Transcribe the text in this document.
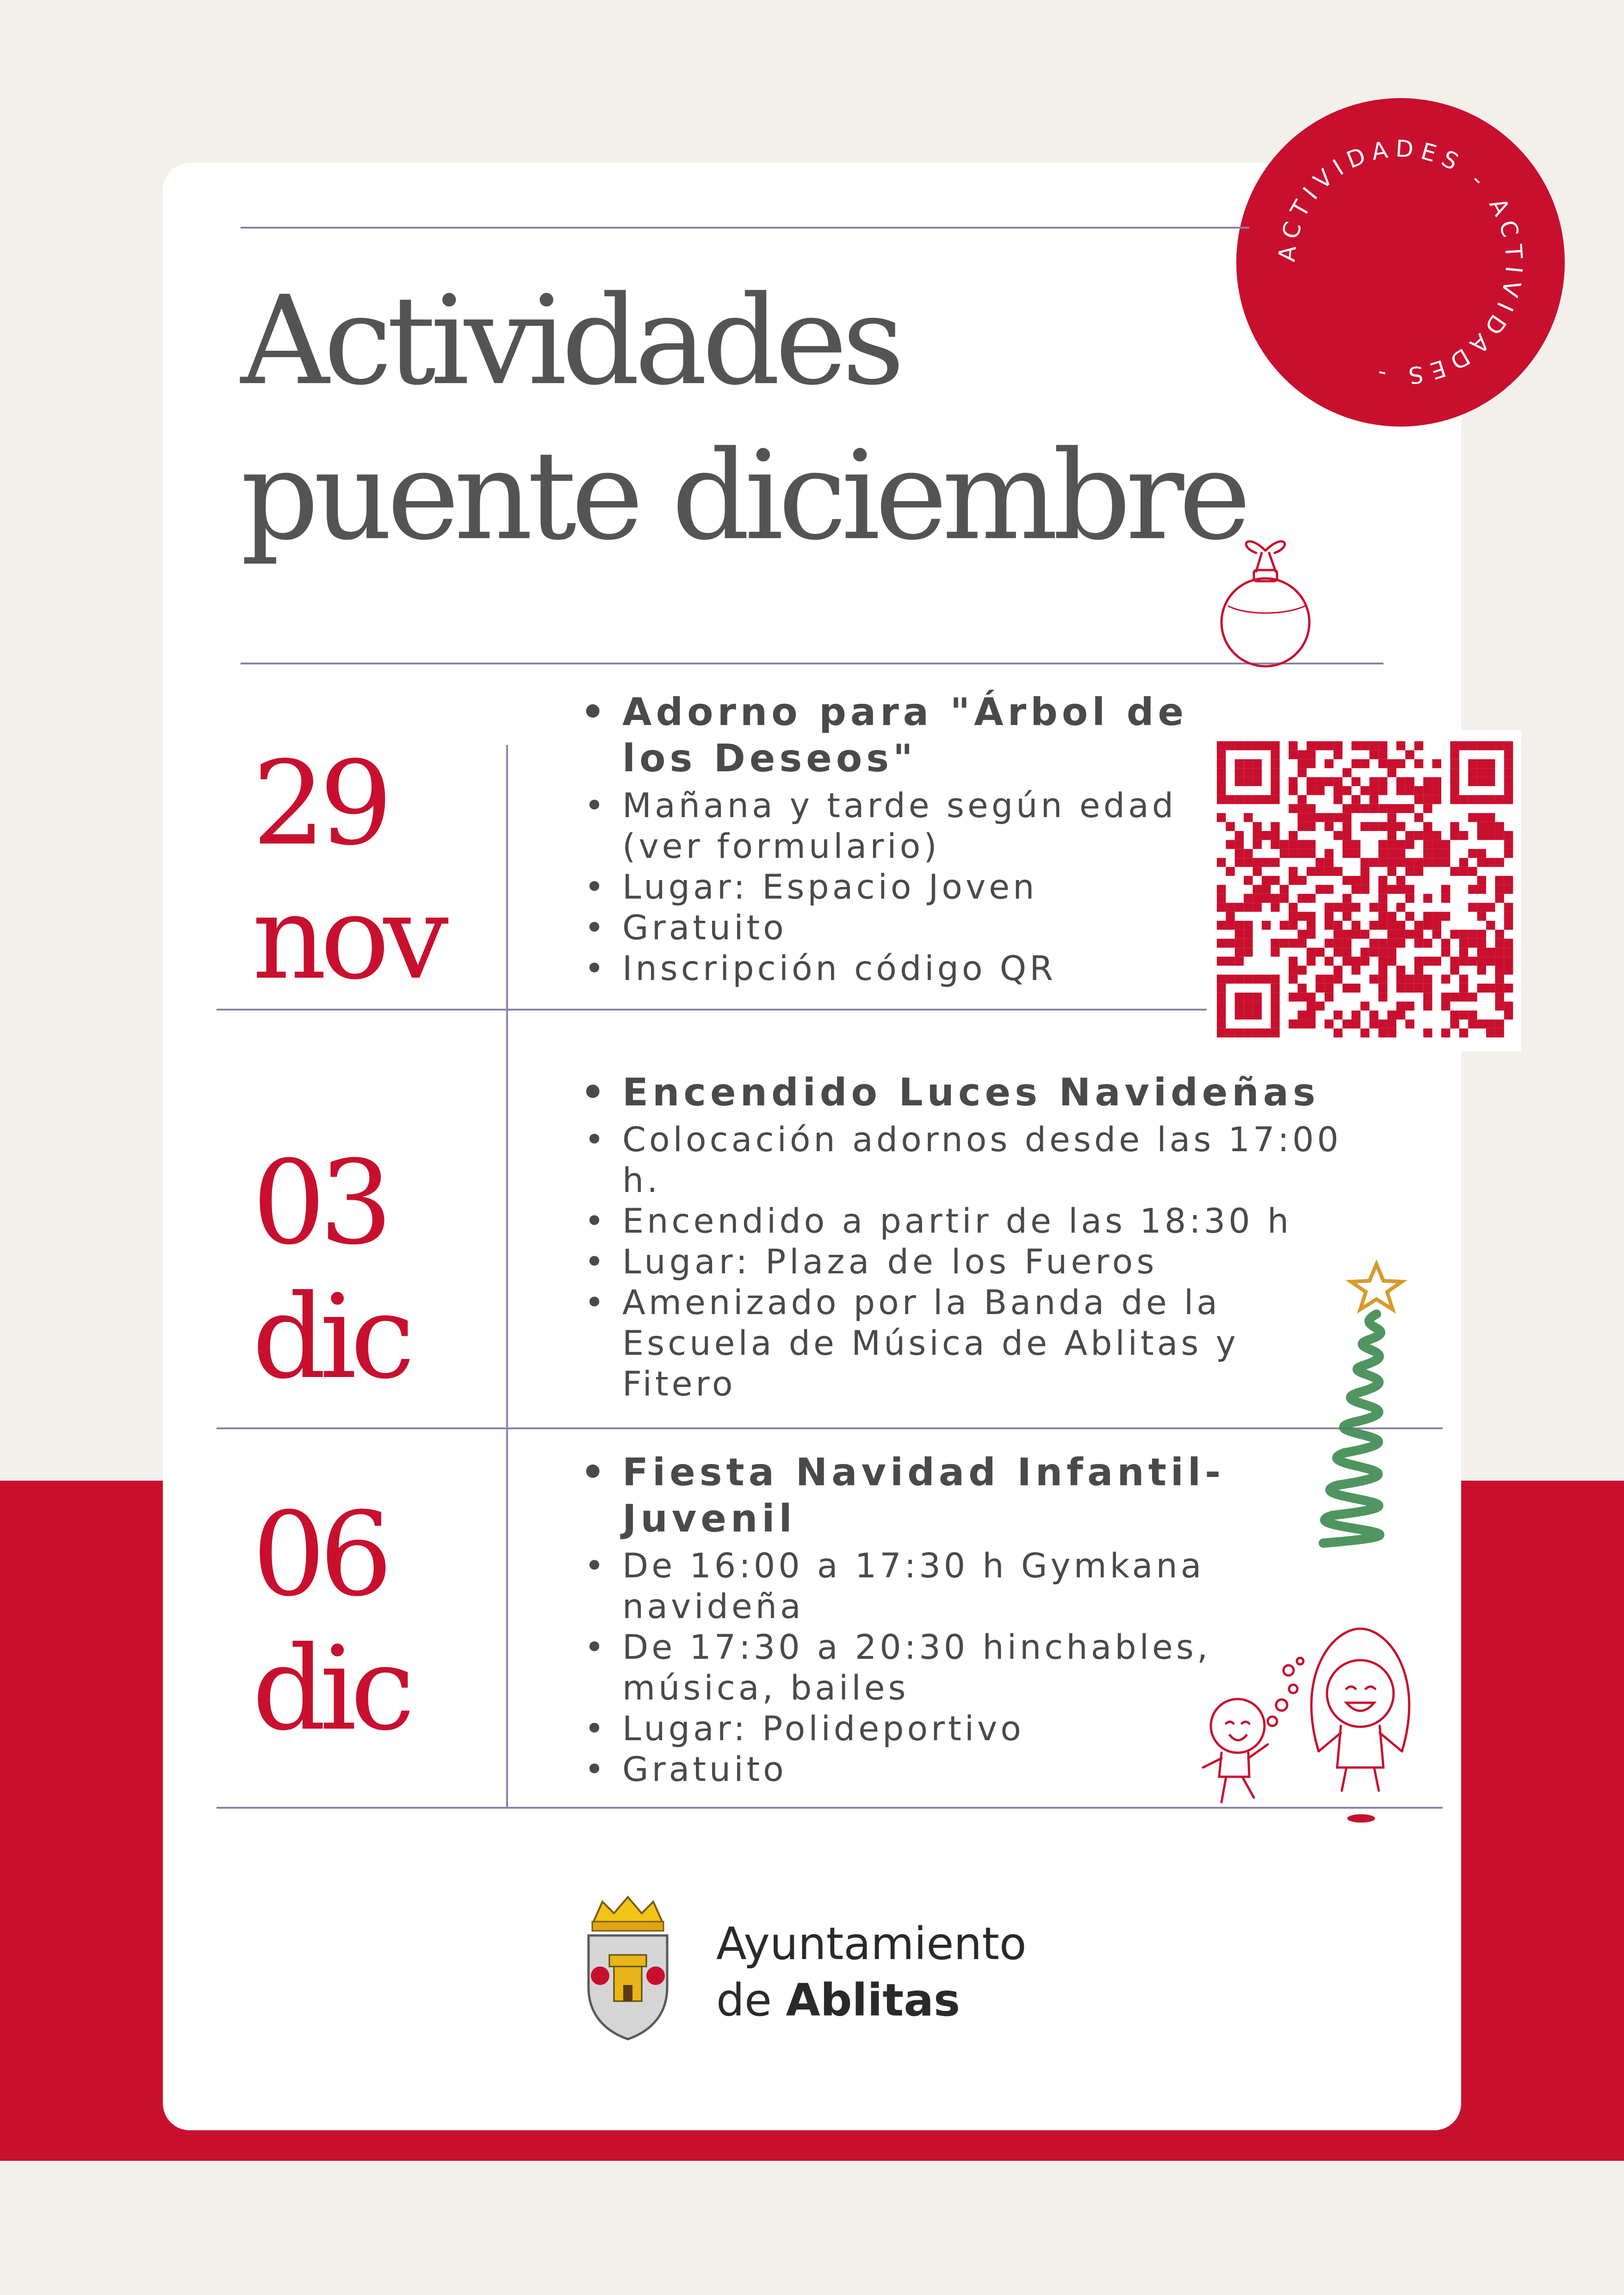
ACTIVIDADES - ACTIVIDADES -
Actividades
puente diciembre
29
nov
• Adorno para "Árbol de los Deseos"
• Mañana y tarde según edad (ver formulario)
• Lugar: Espacio Joven
• Gratuito
• Inscripción código QR
03
dic
• Encendido Luces Navideñas
• Colocación adornos desde las 17:00 h.
• Encendido a partir de las 18:30 h
• Lugar: Plaza de los Fueros
• Amenizado por la Banda de la Escuela de Música de Ablitas y Fitero
06
dic
• Fiesta Navidad Infantil-Juvenil
• De 16:00 a 17:30 h Gymkana navideña
• De 17:30 a 20:30 hinchables, música, bailes
• Lugar: Polideportivo
• Gratuito
Ayuntamiento
de Ablitas
